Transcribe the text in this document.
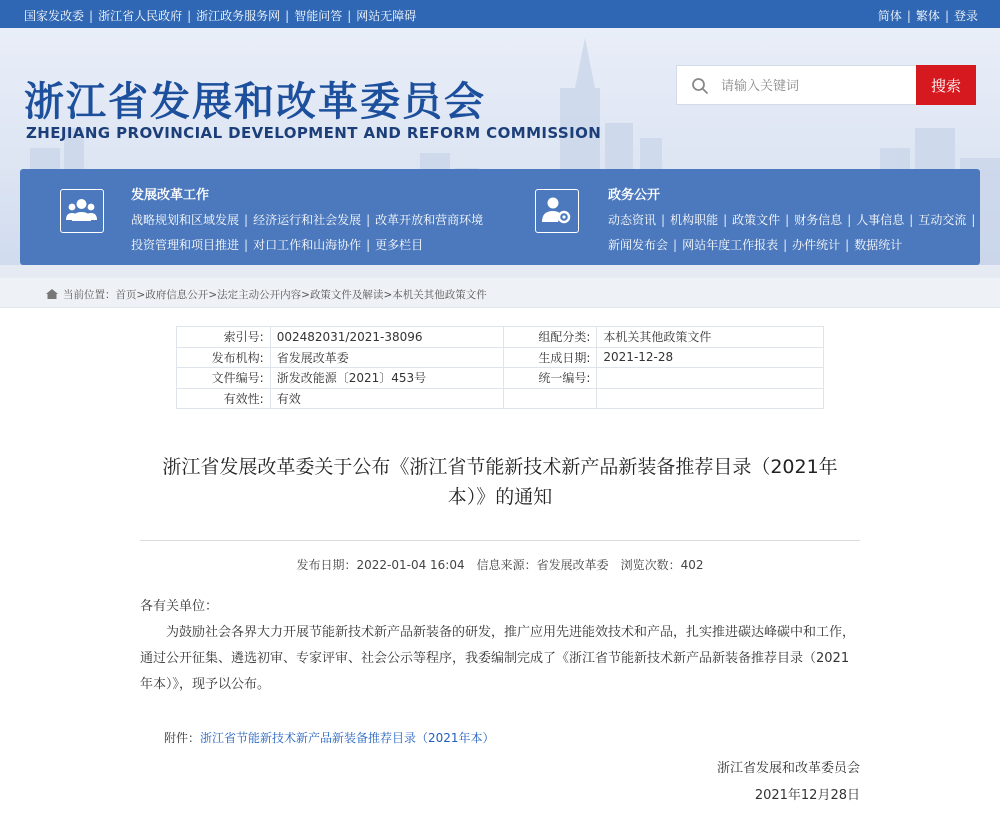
国家发改委 | 浙江省人民政府 | 浙江政务服务网 | 智能问答 | 网站无障碍	简体 | 繁体 | 登录
浙江省发展和改革委员会
ZHEJIANG PROVINCIAL DEVELOPMENT AND REFORM COMMISSION
请输入关键词
搜索
发展改革工作
战略规划和区域发展 | 经济运行和社会发展 | 改革开放和营商环境
投资管理和项目推进 | 对口工作和山海协作 | 更多栏目
政务公开
动态资讯 | 机构职能 | 政策文件 | 财务信息 | 人事信息 | 互动交流 |
新闻发布会 | 网站年度工作报表 | 办件统计 | 数据统计
当前位置：首页>政府信息公开>法定主动公开内容>政策文件及解读>本机关其他政策文件
索引号:	002482031/2021-38096	组配分类:	本机关其他政策文件
发布机构:	省发展改革委	生成日期:	2021-12-28
文件编号:	浙发改能源〔2021〕453号	统一编号:	
有效性:	有效		
浙江省发展改革委关于公布《浙江省节能新技术新产品新装备推荐目录（2021年
本）》的通知
发布日期：2022-01-04 16:04 信息来源：省发展改革委 浏览次数：402
各有关单位：
为鼓励社会各界大力开展节能新技术新产品新装备的研发，推广应用先进能效技术和产品，扎实推进碳达峰碳中和工作，通过公开征集、遴选初审、专家评审、社会公示等程序，我委编制完成了《浙江省节能新技术新产品新装备推荐目录（2021年本）》，现予以公布。
附件：浙江省节能新技术新产品新装备推荐目录（2021年本）
浙江省发展和改革委员会
2021年12月28日
